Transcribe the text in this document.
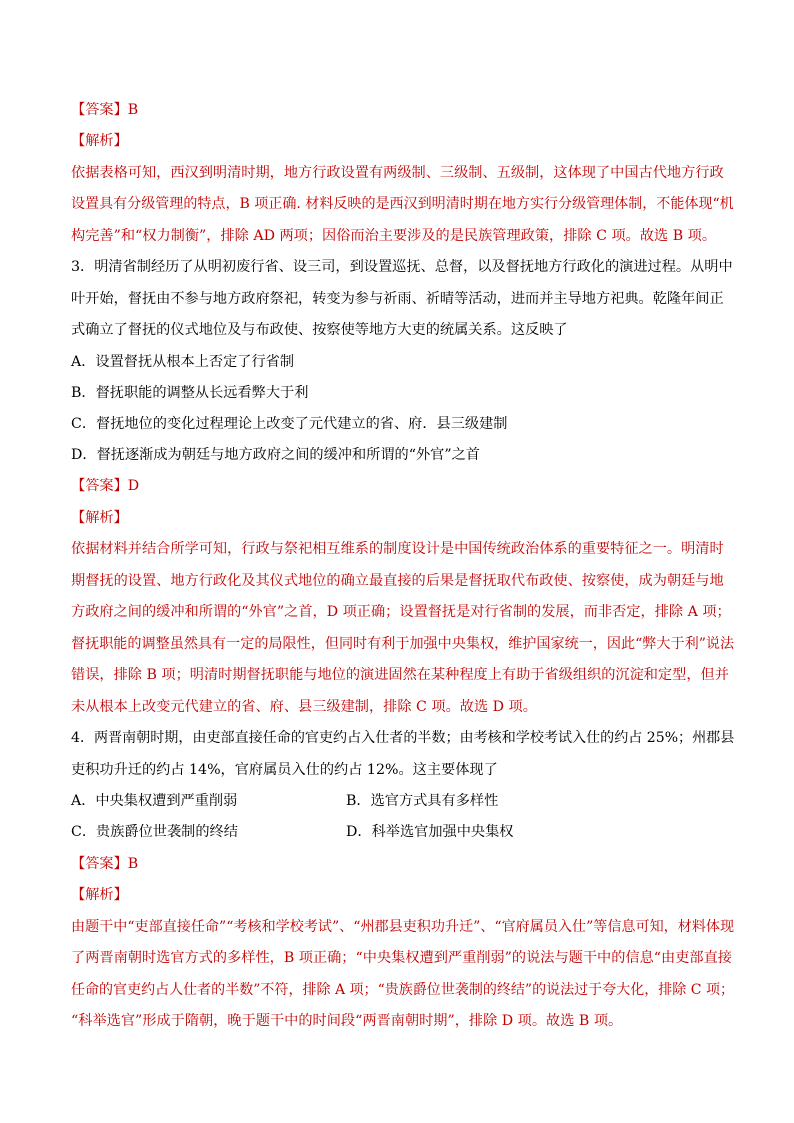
【答案】B
【解析】
依据表格可知，西汉到明清时期，地方行政设置有两级制、三级制、五级制，这体现了中国古代地方行政
设置具有分级管理的特点，B 项正确. 材料反映的是西汉到明清时期在地方实行分级管理体制，不能体现“机
构完善”和“权力制衡”，排除 AD 两项；因俗而治主要涉及的是民族管理政策，排除 C 项。故选 B 项。
3．明清省制经历了从明初废行省、设三司，到设置巡抚、总督，以及督抚地方行政化的演进过程。从明中
叶开始，督抚由不参与地方政府祭祀，转变为参与祈雨、祈晴等活动，进而并主导地方祀典。乾隆年间正
式确立了督抚的仪式地位及与布政使、按察使等地方大吏的统属关系。这反映了
A．设置督抚从根本上否定了行省制
B．督抚职能的调整从长远看弊大于利
C．督抚地位的变化过程理论上改变了元代建立的省、府．县三级建制
D．督抚逐渐成为朝廷与地方政府之间的缓冲和所谓的“外官”之首
【答案】D
【解析】
依据材料并结合所学可知，行政与祭祀相互维系的制度设计是中国传统政治体系的重要特征之一。明清时
期督抚的设置、地方行政化及其仪式地位的确立最直接的后果是督抚取代布政使、按察使，成为朝廷与地
方政府之间的缓冲和所谓的“外官”之首，D 项正确；设置督抚是对行省制的发展，而非否定，排除 A 项；
督抚职能的调整虽然具有一定的局限性，但同时有利于加强中央集权，维护国家统一，因此“弊大于利”说法
错误，排除 B 项；明清时期督抚职能与地位的演进固然在某种程度上有助于省级组织的沉淀和定型，但并
未从根本上改变元代建立的省、府、县三级建制，排除 C 项。故选 D 项。
4．两晋南朝时期，由吏部直接任命的官吏约占入仕者的半数；由考核和学校考试入仕的约占 25%；州郡县
吏积功升迁的约占 14%，官府属员入仕的约占 12%。这主要体现了
A．中央集权遭到严重削弱	B．选官方式具有多样性
C．贵族爵位世袭制的终结	D．科举选官加强中央集权
【答案】B
【解析】
由题干中“吏部直接任命”“考核和学校考试”、“州郡县吏积功升迁”、“官府属员入仕”等信息可知，材料体现
了两晋南朝时选官方式的多样性，B 项正确；“中央集权遭到严重削弱”的说法与题干中的信息“由吏部直接
任命的官吏约占人仕者的半数”不符，排除 A 项；“贵族爵位世袭制的终结”的说法过于夸大化，排除 C 项；
“科举选官”形成于隋朝，晚于题干中的时间段“两晋南朝时期”，排除 D 项。故选 B 项。
